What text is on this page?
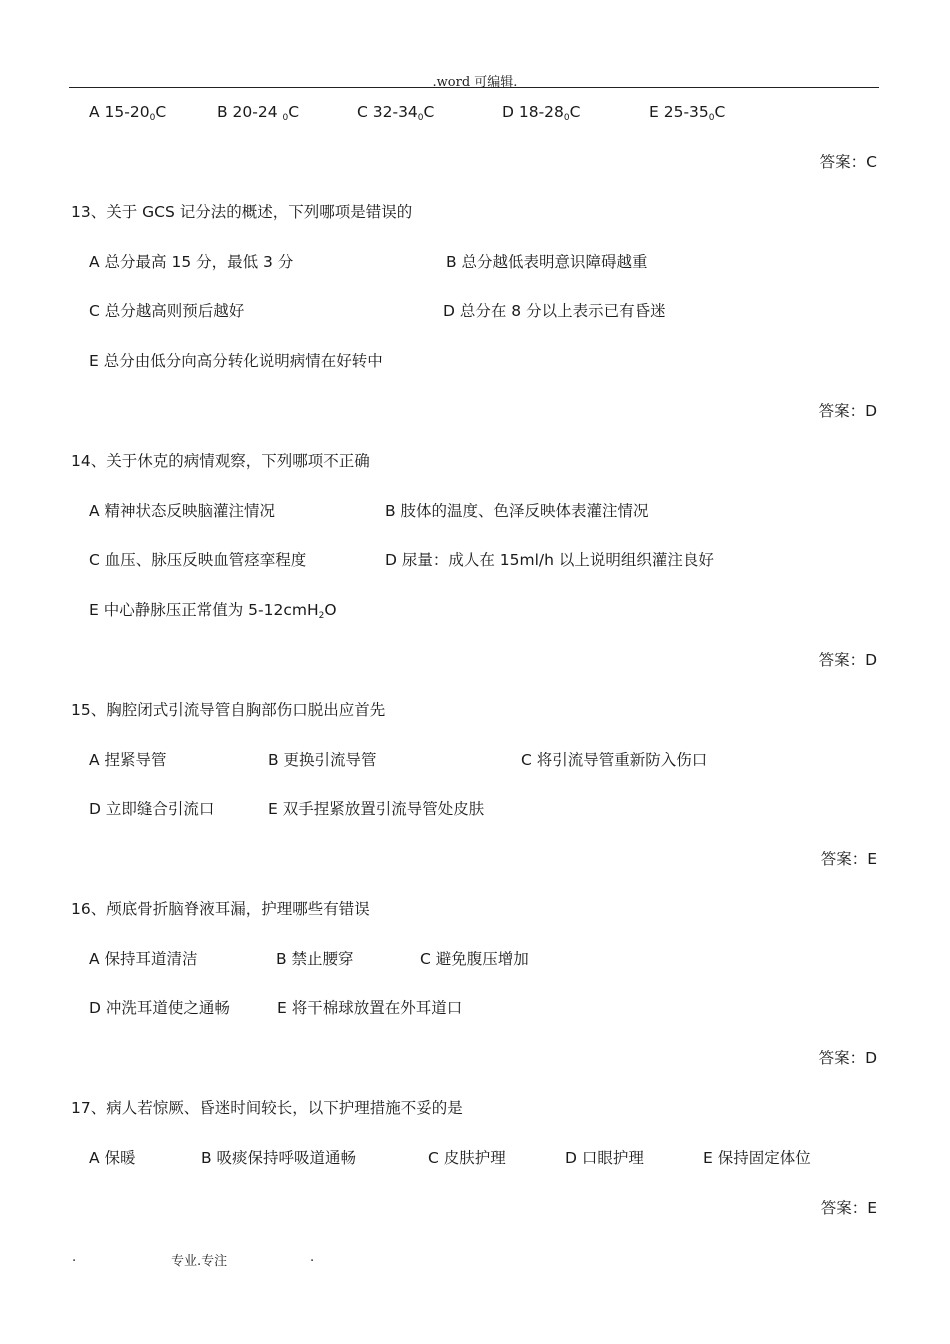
.word 可编辑.
A $15-20_0C$	B 20-24 $_0$C	C $32-34_0C$	D $18-28_0C$	E $25-35_0C$
答案：C
13、关于 GCS 记分法的概述，下列哪项是错误的
A 总分最高 15 分，最低 3 分	B 总分越低表明意识障碍越重
C 总分越高则预后越好	D 总分在 8 分以上表示已有昏迷
E 总分由低分向高分转化说明病情在好转中
答案：D
14、关于休克的病情观察，下列哪项不正确
A 精神状态反映脑灌注情况	B 肢体的温度、色泽反映体表灌注情况
C 血压、脉压反映血管痉挛程度	D 尿量：成人在 15ml/h 以上说明组织灌注良好
E 中心静脉压正常值为 5-12cmH$_2$O
答案：D
15、胸腔闭式引流导管自胸部伤口脱出应首先
A 捏紧导管	B 更换引流导管	C 将引流导管重新防入伤口
D 立即缝合引流口	E 双手捏紧放置引流导管处皮肤
答案：E
16、颅底骨折脑脊液耳漏，护理哪些有错误
A 保持耳道清洁	B 禁止腰穿	C 避免腹压增加
D 冲洗耳道使之通畅	E 将干棉球放置在外耳道口
答案：D
17、病人若惊厥、昏迷时间较长，以下护理措施不妥的是
A 保暖	B 吸痰保持呼吸道通畅	C 皮肤护理	D 口眼护理	E 保持固定体位
答案：E
.	专业.专注	.
